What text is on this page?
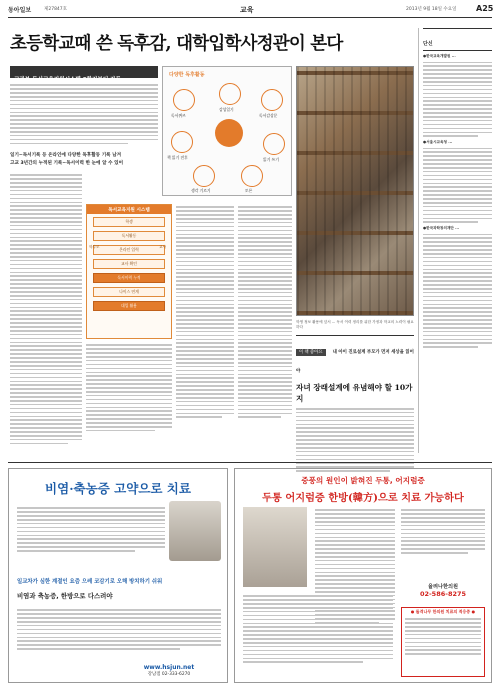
동아일보	제27847호	교육	2013년 9월 18일 수요일 A25
초등학교때 쓴 독후감, 대학입학사정관이 본다
교과부 독서교육지원시스템 2학기부터 가동
일기~독서기록 등 온라인에 다양한 독후활동 기록 남겨
고교 3년간의 누적된 기록~독서이력 한 눈에 알 수 있어
다양한 독후활동
독서퀴즈
감성일기
독서감상문
책 읽기 전후
생각 기르기
읽기 쓰기
토론
단신
●한국교육개발원 ...
●서울시교육청 ...
●한국과학창의재단 ...
독서교육지원 시스템
학생
독서활동
온라인 입력
교사 확인
독서이력 누적
나이스 연계
대입 활용
학부모	교사
학생 정보 활용에 앞서 ... 독서 이력 정리를 위한 가정과 학교의 노력이 필요하다
이 책 좋아요 내 아이 진로설계 부모가 먼저 세상을 읽어야
자녀 장래설계에 유념해야 할 10가지
비염·축농증 고약으로 치료
일교차가 심한 계절인 요즘 으레 코감기로 오해 방치하기 쉬워
비염과 축농증, 한방으로 다스려야
www.hsjun.net
강남점 02-333-6270
중풍의 원인이 밝혀진 두통, 어지럼증
두통 어지럼증 한방(韓方)으로 치료 가능하다
율려나한의원
02-586-8275
● 돌격나무 한의원 치료의 적응증 ●
